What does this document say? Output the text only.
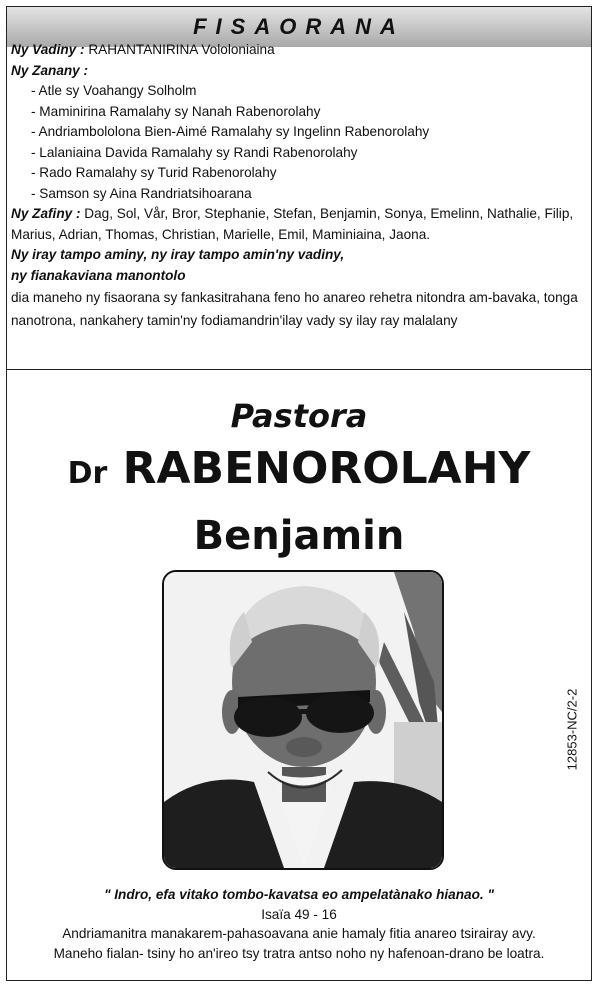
FISAORANA

Ny Vadiny : RAHANTANIRINA Vololoniaina

Ny Zanany :

- Atle sy Voahangy Solholm

- Maminirina Ramalahy sy Nanah Rabenorolahy

- Andriambololona Bien-Aimé Ramalahy sy Ingelinn Rabenorolahy

- Lalaniaina Davida Ramalahy sy Randi Rabenorolahy

- Rado Ramalahy sy Turid Rabenorolahy

- Samson sy Aina Randriatsihoarana

Ny Zafiny : Dag, Sol, Vår, Bror, Stephanie, Stefan, Benjamin, Sonya, Emelinn, Nathalie, Filip, Marius, Adrian, Thomas, Christian, Marielle, Emil, Maminiaina, Jaona.

Ny iray tampo aminy, ny iray tampo amin'ny vadiny,

ny fianakaviana manontolo

dia maneho ny fisaorana sy fankasitrahana feno ho anareo rehetra nitondra am-bavaka, tonga nanotrona, nankahery tamin'ny fodiamandrin'ilay vady sy ilay ray malalany

Pastora
Dr RABENOROLAHY
Benjamin
12853-NC/2-2
" Indro, efa vitako tombo-kavatsa eo ampelatànako hianao. "
Isaïa 49 - 16
Andriamanitra manakarem-pahasoavana anie hamaly fitia anareo tsirairay avy.
Maneho fialan- tsiny ho an'ireo tsy tratra antso noho ny hafenoan-drano be loatra.
